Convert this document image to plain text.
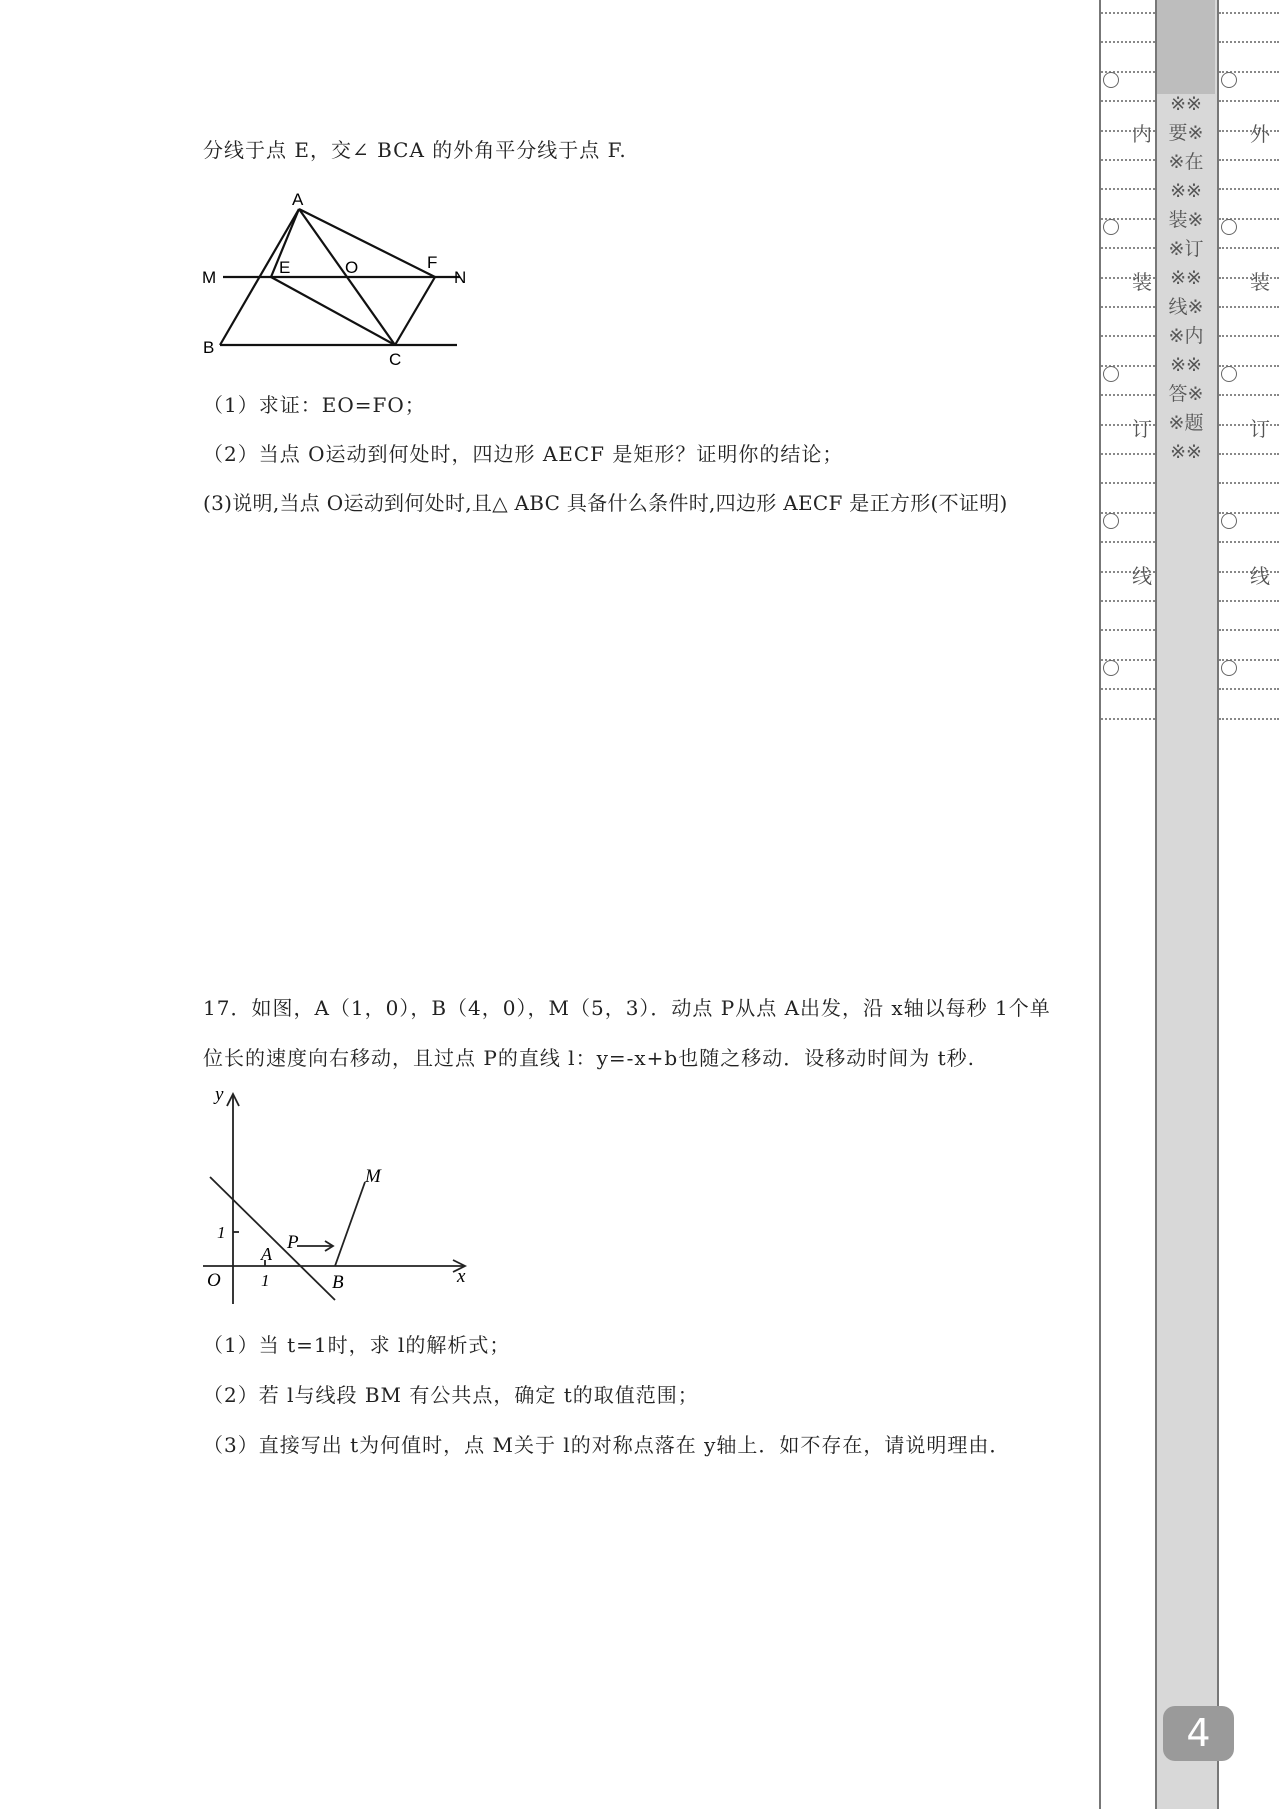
分线于点 E，交∠ BCA 的外角平分线于点 F.
A
M
E	O	F
N
B
C
（1）求证：EO=FO；
（2）当点 O运动到何处时，四边形 AECF 是矩形？证明你的结论；
(3)说明,当点 O运动到何处时,且△ ABC 具备什么条件时,四边形 AECF 是正方形(不证明)
17．如图，A（1，0），B（4，0），M（5，3）．动点 P从点 A出发，沿 x轴以每秒 1个单
位长的速度向右移动，且过点 P的直线 l：y=-x+b也随之移动．设移动时间为 t秒.
y
x
O
1
1
A
P
B
M
（1）当 t=1时，求 l的解析式；
（2）若 l与线段 BM 有公共点，确定 t的取值范围；
（3）直接写出 t为何值时，点 M关于 l的对称点落在 y轴上．如不存在，请说明理由．
内
装
订
线
外
装
订
线
※※
要※
※在
※※
装※
※订
※※
线※
※内
※※
答※
※题
※※
4
